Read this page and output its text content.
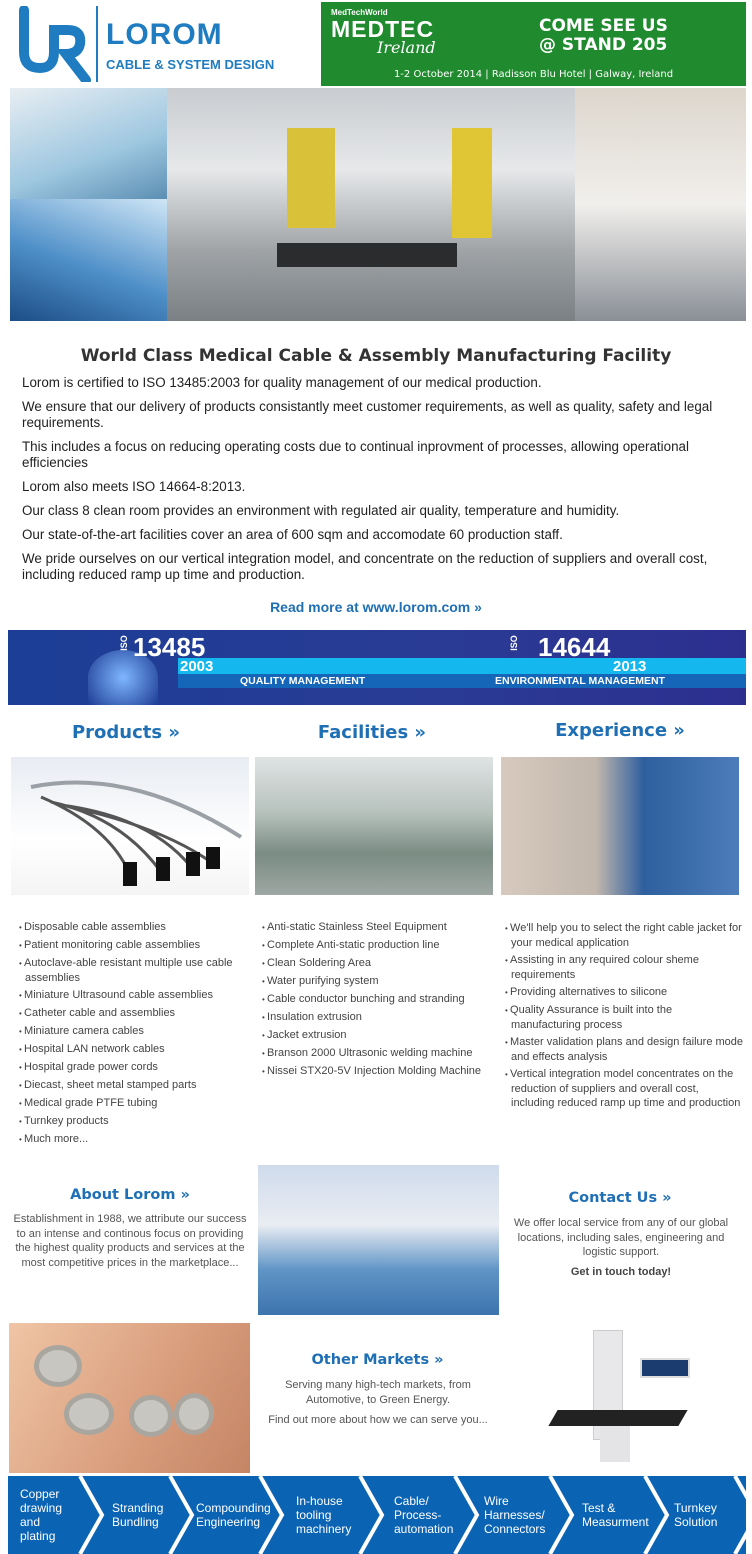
LOROM
CABLE & SYSTEM DESIGN
MedTechWorld
MEDTEC
Ireland
COME SEE US
@ STAND 205
1-2 October 2014 | Radisson Blu Hotel | Galway, Ireland
World Class Medical Cable & Assembly Manufacturing Facility

Lorom is certified to ISO 13485:2003 for quality management of our medical production.

We ensure that our delivery of products consistantly meet customer requirements, as well as quality, safety and legal requirements.

This includes a focus on reducing operating costs due to continual inprovment of processes, allowing operational efficiencies

Lorom also meets ISO 14664-8:2013.

Our class 8 clean room provides an environment with regulated air quality, temperature and humidity.

Our state-of-the-art facilities cover an area of 600 sqm and accomodate 60 production staff.

We pride ourselves on our vertical integration model, and concentrate on the reduction of suppliers and overall cost, including reduced ramp up time and production.

Read more at www.lorom.com »
ISO 13485
2003
QUALITY MANAGEMENT
ISO 14644
2013
ENVIRONMENTAL MANAGEMENT
Products »	Facilities »	Experience »
• Disposable cable assemblies
• Patient monitoring cable assemblies
• Autoclave-able resistant multiple use cable assemblies
• Miniature Ultrasound cable assemblies
• Catheter cable and assemblies
• Miniature camera cables
• Hospital LAN network cables
• Hospital grade power cords
• Diecast, sheet metal stamped parts
• Medical grade PTFE tubing
• Turnkey products
• Much more...
• Anti-static Stainless Steel Equipment
• Complete Anti-static production line
• Clean Soldering Area
• Water purifying system
• Cable conductor bunching and stranding
• Insulation extrusion
• Jacket extrusion
• Branson 2000 Ultrasonic welding machine
• Nissei STX20-5V Injection Molding Machine
• We'll help you to select the right cable jacket for your medical application
• Assisting in any required colour sheme requirements
• Providing alternatives to silicone
• Quality Assurance is built into the manufacturing process
• Master validation plans and design failure mode and effects analysis
• Vertical integration model concentrates on the reduction of suppliers and overall cost, including reduced ramp up time and production
About Lorom »
Establishment in 1988, we attribute our success to an intense and continous focus on providing the highest quality products and services at the most competitive prices in the marketplace...
Contact Us »
We offer local service from any of our global locations, including sales, engineering and logistic support.
Get in touch today!
Other Markets »
Serving many high-tech markets, from Automotive, to Green Energy.
Find out more about how we can serve you...
Copper drawing and plating
Stranding Bundling
Compounding Engineering
In-house tooling machinery
Cable/ Process-automation
Wire Harnesses/ Connectors
Test & Measurment
Turnkey Solution
